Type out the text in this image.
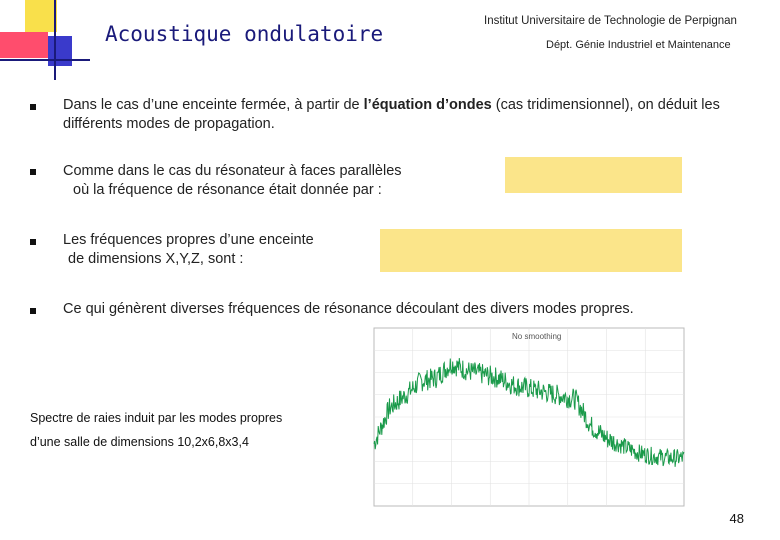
Acoustique ondulatoire
Institut Universitaire de Technologie de Perpignan
Dépt. Génie Industriel et Maintenance
Dans le cas d’une enceinte fermée, à partir de l’équation d’ondes (cas tridimensionnel), on déduit les différents modes de propagation.
Comme dans le cas du résonateur à faces parallèles
où la fréquence de résonance était donnée par :
Les fréquences propres d’une enceinte
de dimensions X,Y,Z, sont :
Ce qui génèrent diverses fréquences de résonance découlant des divers modes propres.
No smoothing
Spectre de raies induit par les modes propres
d’une salle de dimensions 10,2x6,8x3,4
48
